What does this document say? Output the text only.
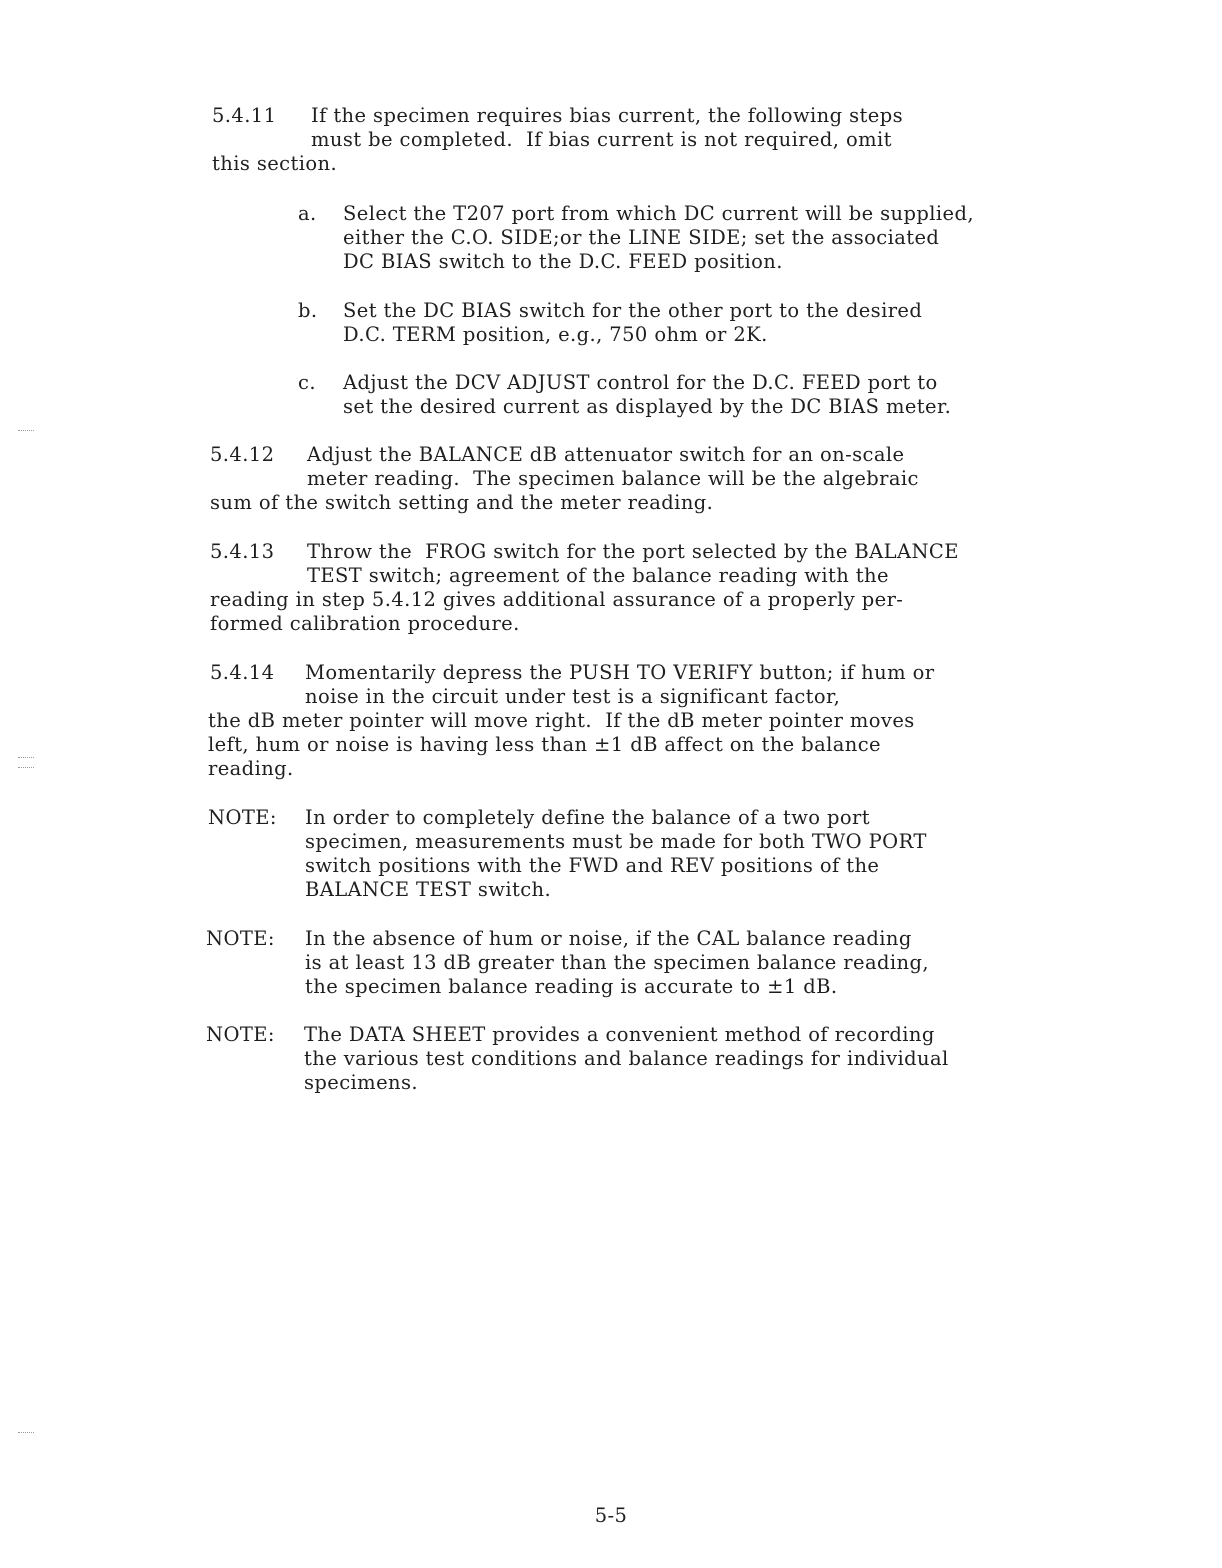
5.4.11 If the specimen requires bias current, the following steps
must be completed.  If bias current is not required, omit
this section.
a. Select the T207 port from which DC current will be supplied,
either the C.O. SIDE;or the LINE SIDE; set the associated
DC BIAS switch to the D.C. FEED position.
b. Set the DC BIAS switch for the other port to the desired
D.C. TERM position, e.g., 750 ohm or 2K.
c. Adjust the DCV ADJUST control for the D.C. FEED port to
set the desired current as displayed by the DC BIAS meter.
5.4.12 Adjust the BALANCE dB attenuator switch for an on-scale
meter reading.  The specimen balance will be the algebraic
sum of the switch setting and the meter reading.
5.4.13 Throw the  FROG switch for the port selected by the BALANCE
TEST switch; agreement of the balance reading with the
reading in step 5.4.12 gives additional assurance of a properly per-
formed calibration procedure.
5.4.14 Momentarily depress the PUSH TO VERIFY button; if hum or
noise in the circuit under test is a significant factor,
the dB meter pointer will move right.  If the dB meter pointer moves
left, hum or noise is having less than ±1 dB affect on the balance
reading.
NOTE: In order to completely define the balance of a two port
specimen, measurements must be made for both TWO PORT
switch positions with the FWD and REV positions of the
BALANCE TEST switch.
NOTE: In the absence of hum or noise, if the CAL balance reading
is at least 13 dB greater than the specimen balance reading,
the specimen balance reading is accurate to ±1 dB.
NOTE: The DATA SHEET provides a convenient method of recording
the various test conditions and balance readings for individual
specimens.
5-5
